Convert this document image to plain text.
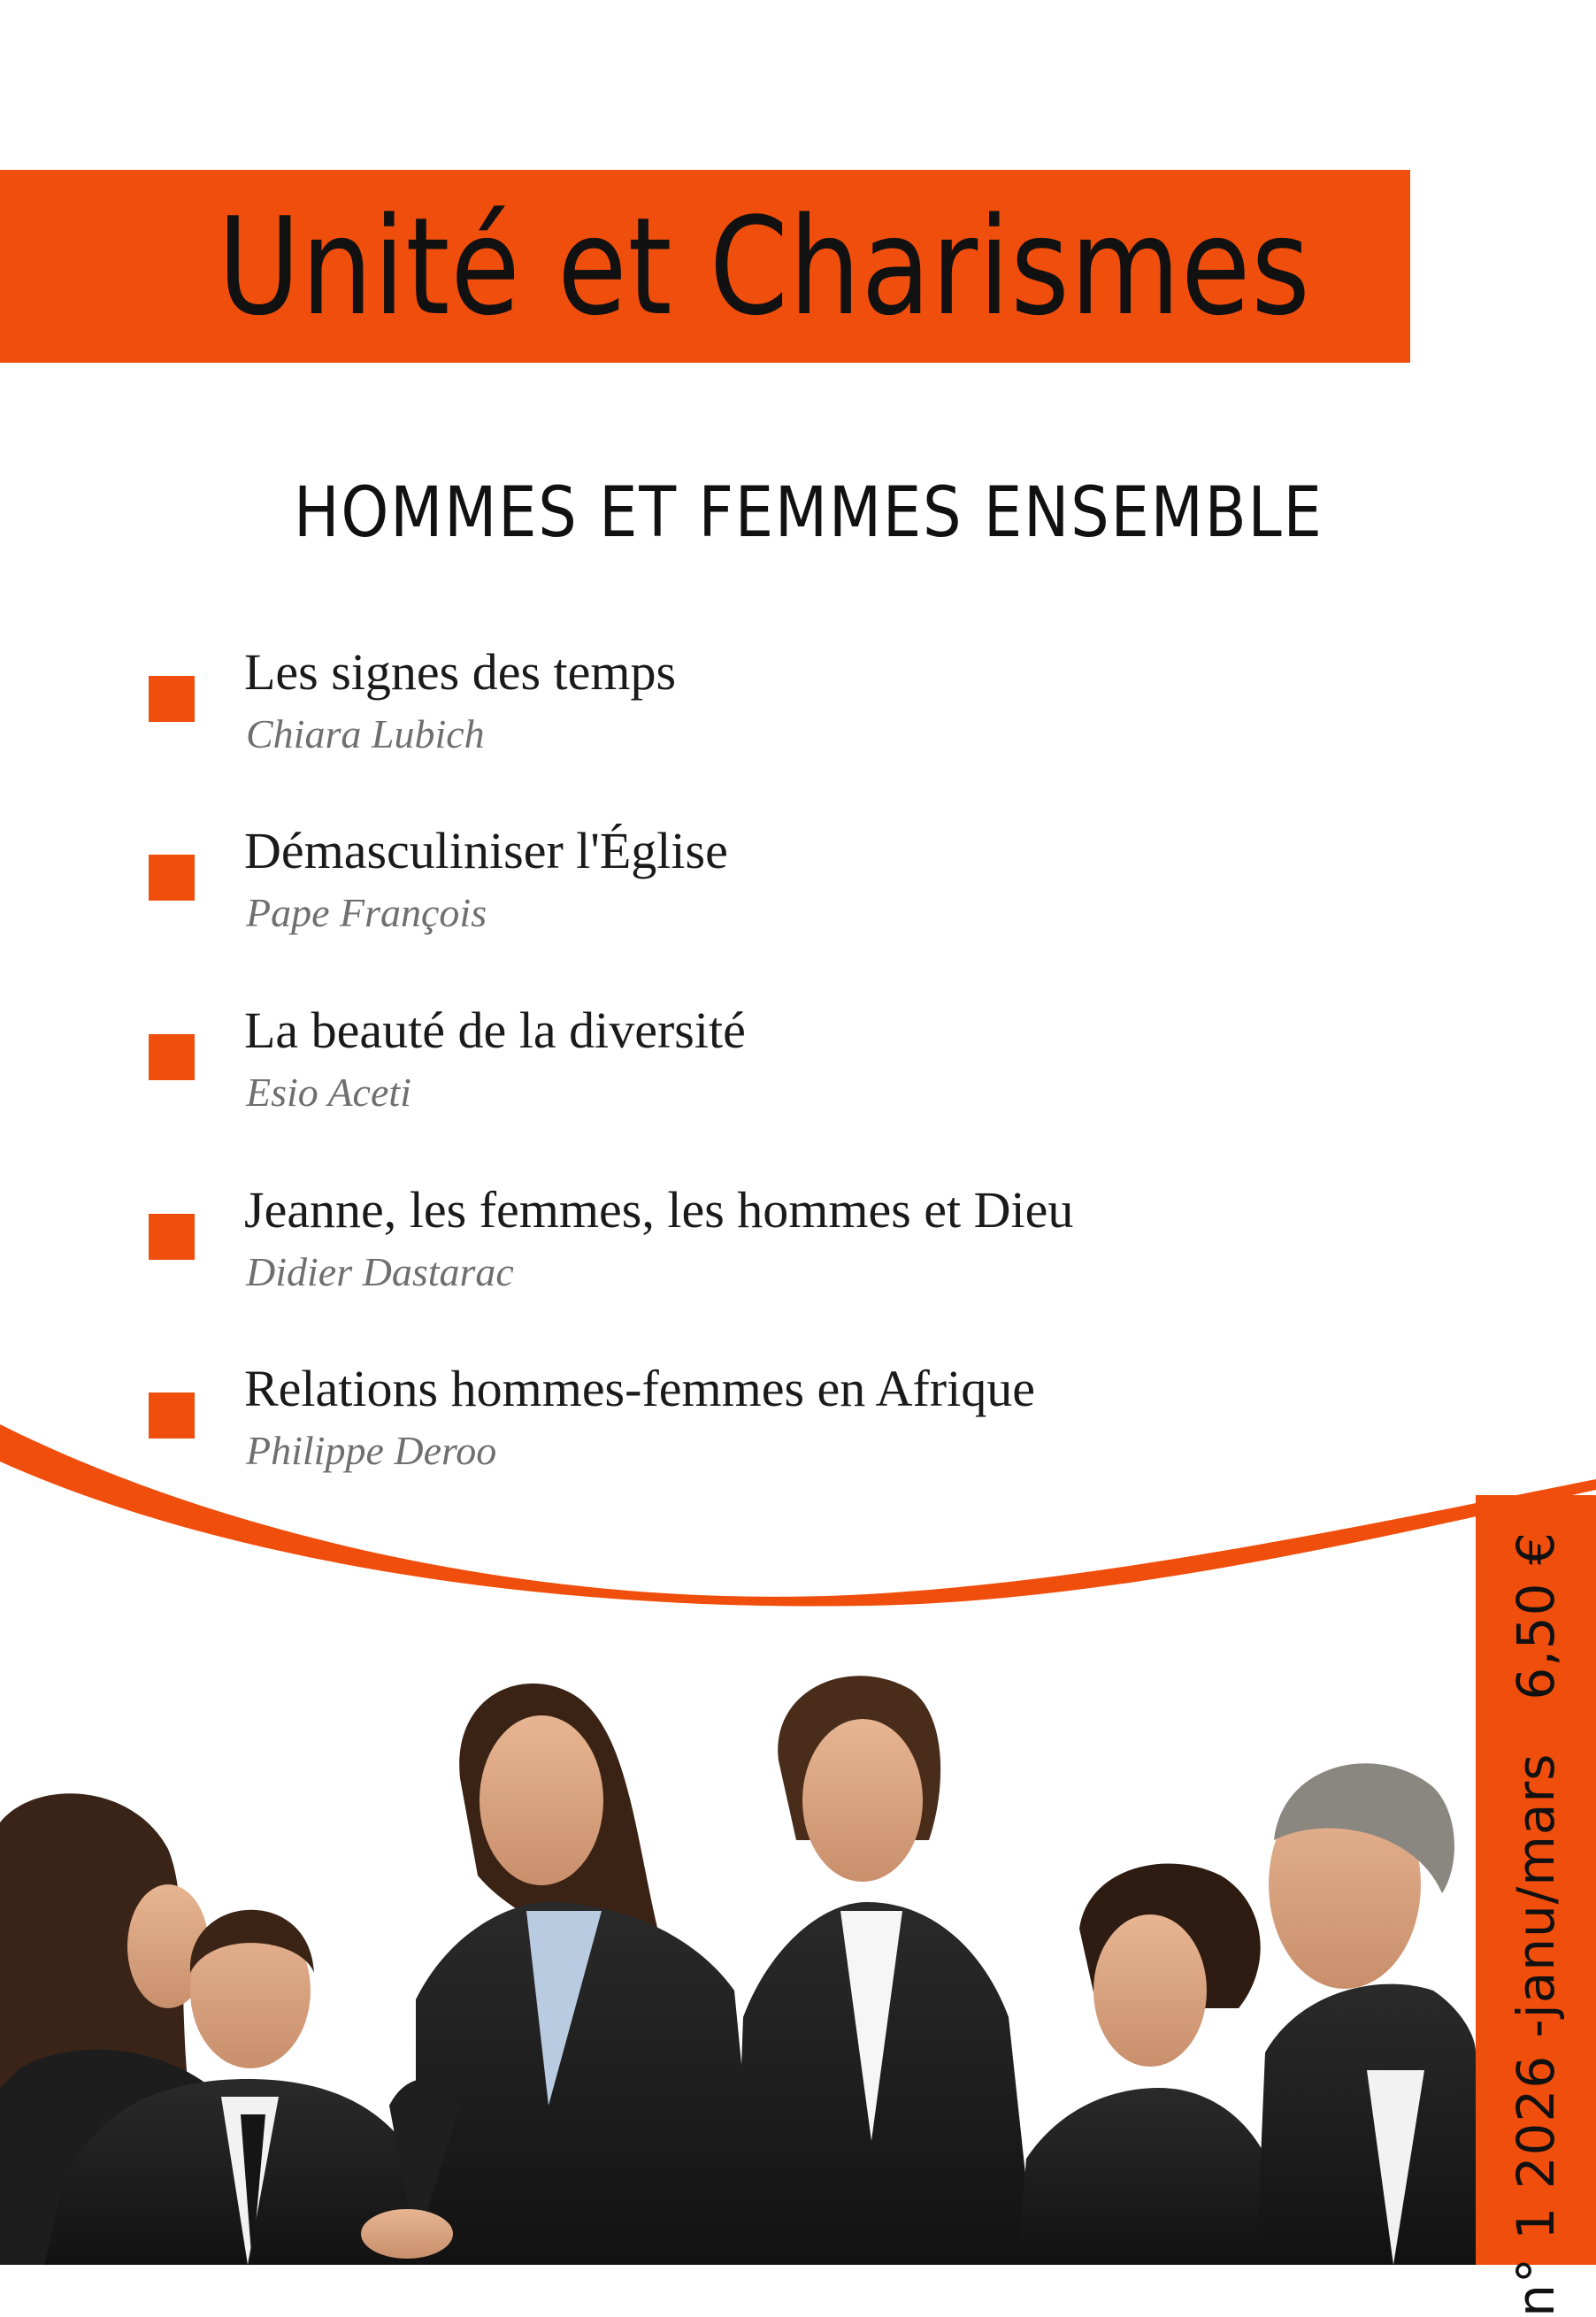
Unité et Charismes
HOMMES ET FEMMES ENSEMBLE
Les signes des temps
Chiara Lubich
Démasculiniser l'Église
Pape François
La beauté de la diversité
Esio Aceti
Jeanne, les femmes, les hommes et Dieu
Didier Dastarac
Relations hommes-femmes en Afrique
Philippe Deroo
n° 1 2026 -janu/mars6,50 €
